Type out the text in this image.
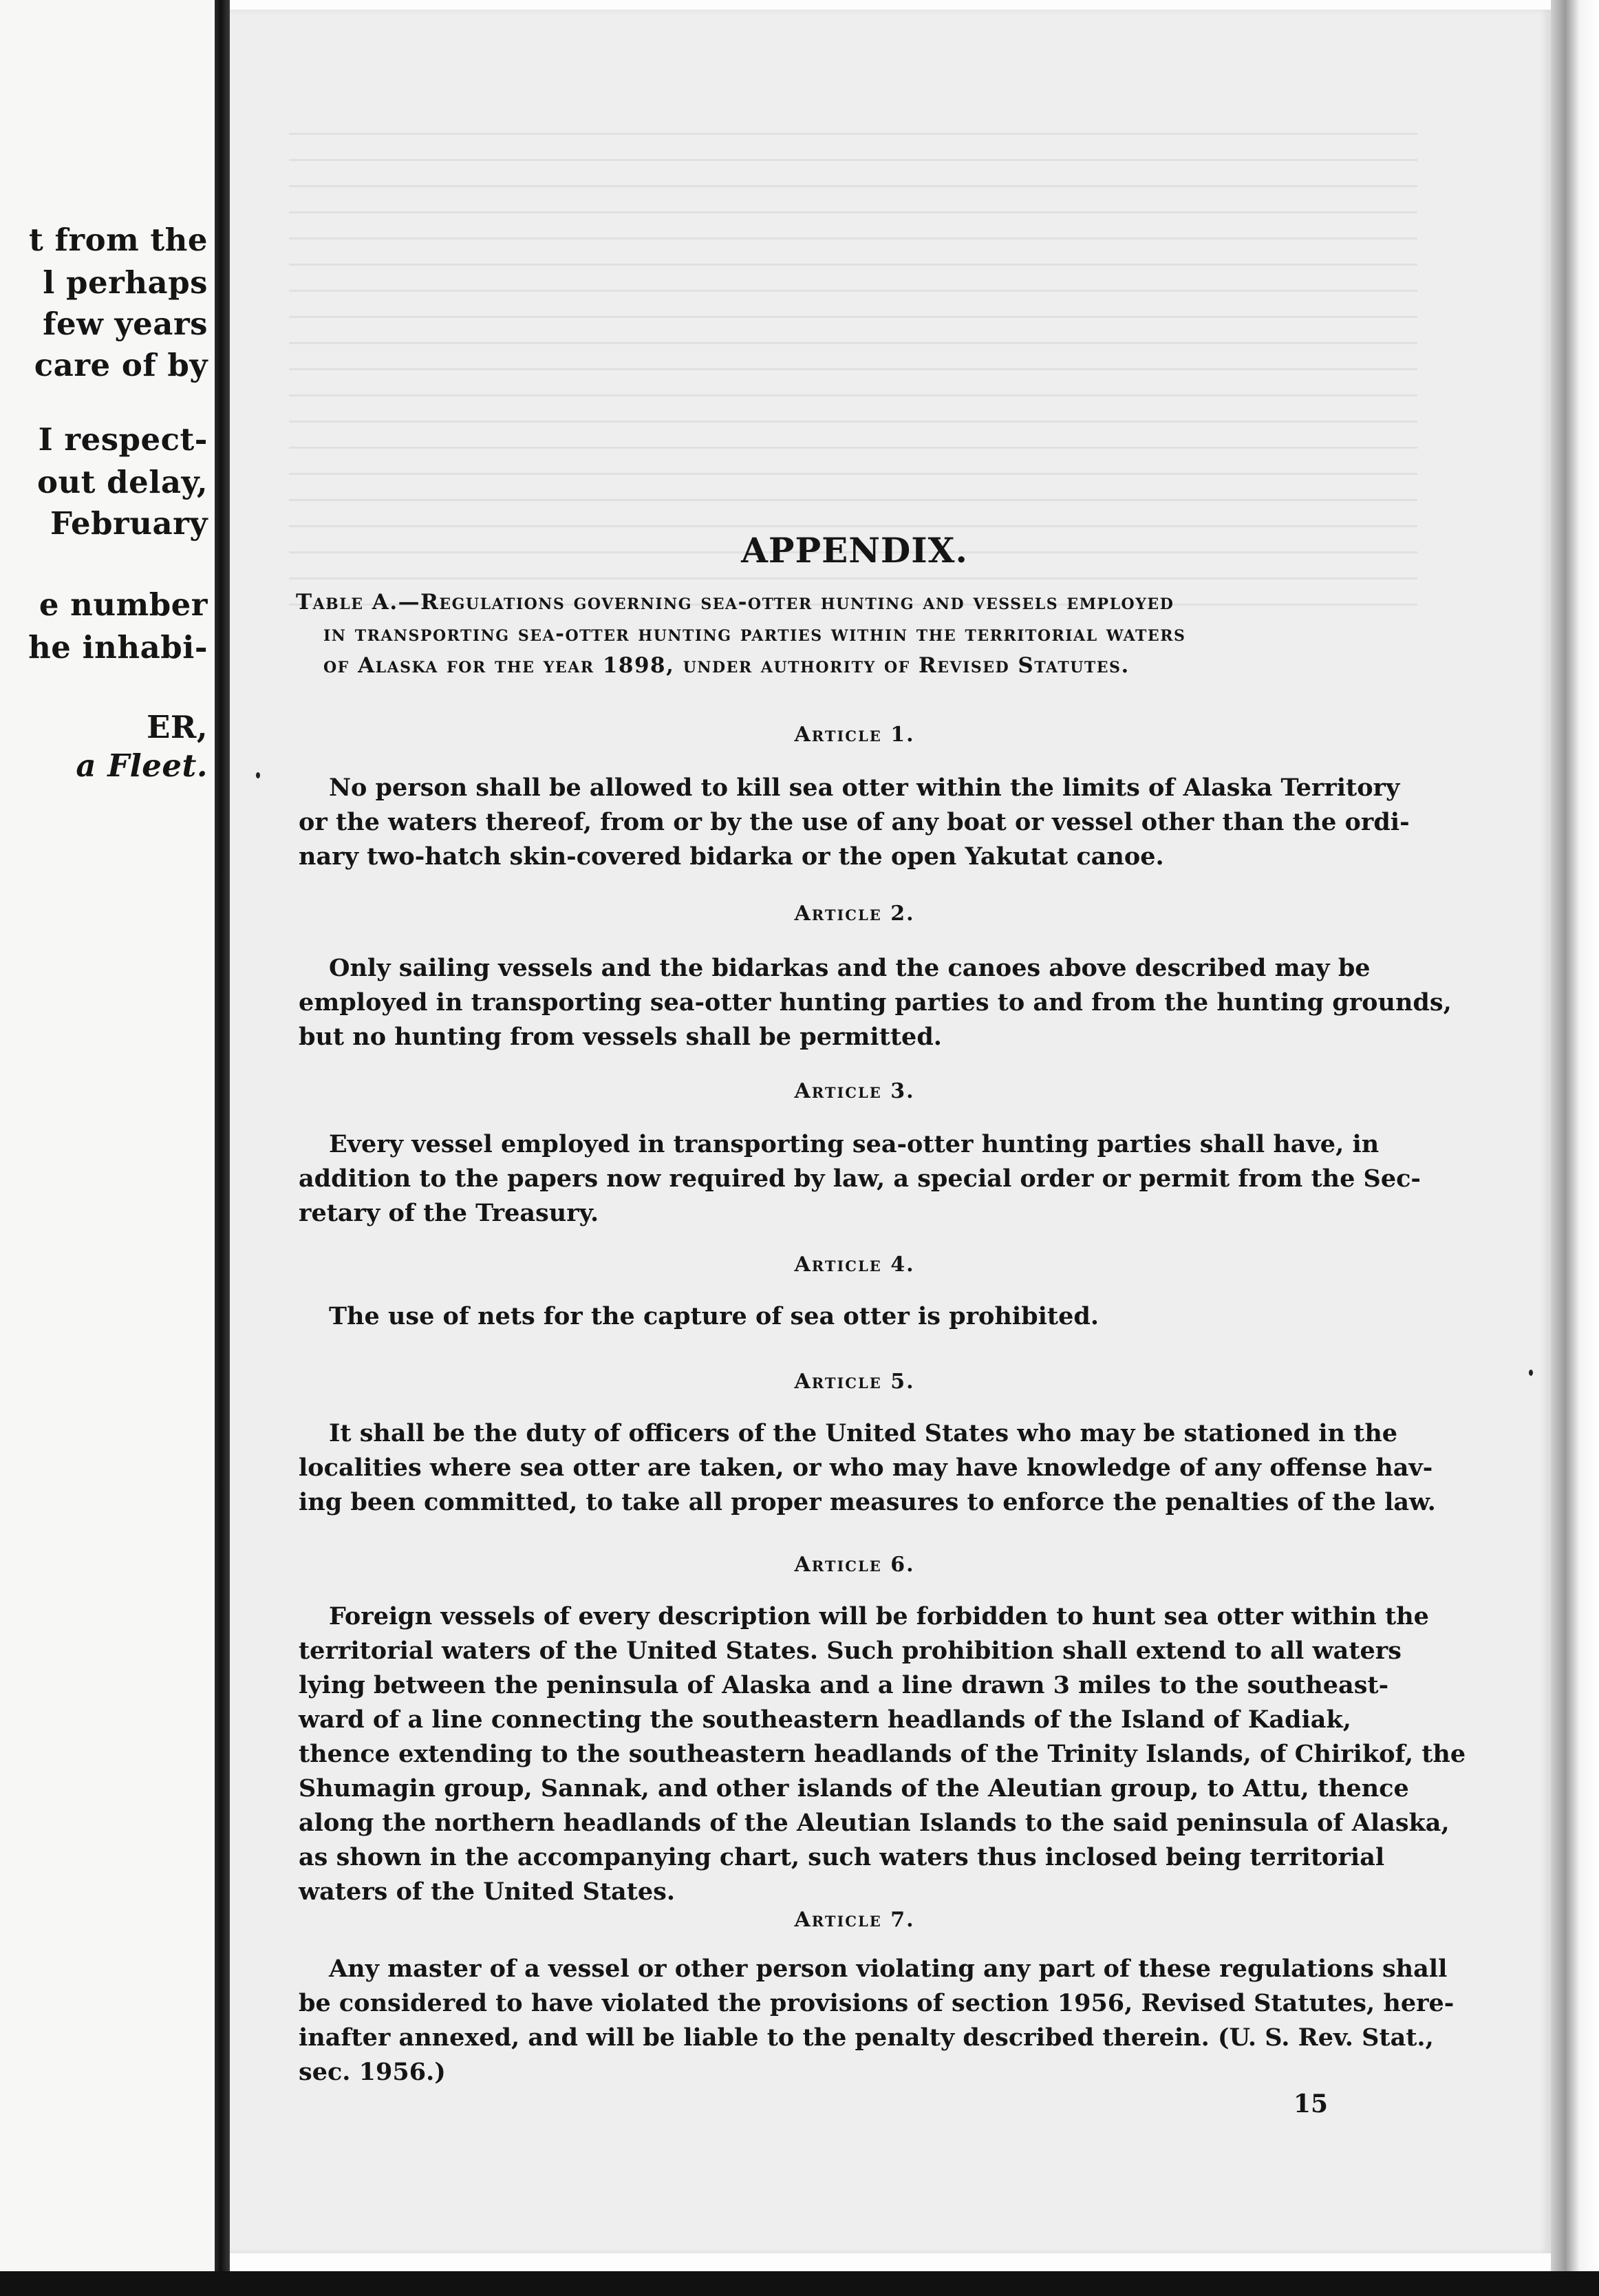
t from the
l perhaps
few years
care of by
I respect-
out delay,
February
e number
he inhabi-
ER,
a Fleet.
APPENDIX.
Table A.—Regulations governing sea-otter hunting and vessels employed
in transporting sea-otter hunting parties within the territorial waters
of Alaska for the year 1898, under authority of Revised Statutes.
Article 1.
No person shall be allowed to kill sea otter within the limits of Alaska Territory
or the waters thereof, from or by the use of any boat or vessel other than the ordi-
nary two-hatch skin-covered bidarka or the open Yakutat canoe.
Article 2.
Only sailing vessels and the bidarkas and the canoes above described may be
employed in transporting sea-otter hunting parties to and from the hunting grounds,
but no hunting from vessels shall be permitted.
Article 3.
Every vessel employed in transporting sea-otter hunting parties shall have, in
addition to the papers now required by law, a special order or permit from the Sec-
retary of the Treasury.
Article 4.
The use of nets for the capture of sea otter is prohibited.
Article 5.
It shall be the duty of officers of the United States who may be stationed in the
localities where sea otter are taken, or who may have knowledge of any offense hav-
ing been committed, to take all proper measures to enforce the penalties of the law.
Article 6.
Foreign vessels of every description will be forbidden to hunt sea otter within the
territorial waters of the United States. Such prohibition shall extend to all waters
lying between the peninsula of Alaska and a line drawn 3 miles to the southeast-
ward of a line connecting the southeastern headlands of the Island of Kadiak,
thence extending to the southeastern headlands of the Trinity Islands, of Chirikof, the
Shumagin group, Sannak, and other islands of the Aleutian group, to Attu, thence
along the northern headlands of the Aleutian Islands to the said peninsula of Alaska,
as shown in the accompanying chart, such waters thus inclosed being territorial
waters of the United States.
Article 7.
Any master of a vessel or other person violating any part of these regulations shall
be considered to have violated the provisions of section 1956, Revised Statutes, here-
inafter annexed, and will be liable to the penalty described therein. (U. S. Rev. Stat.,
sec. 1956.)
15
